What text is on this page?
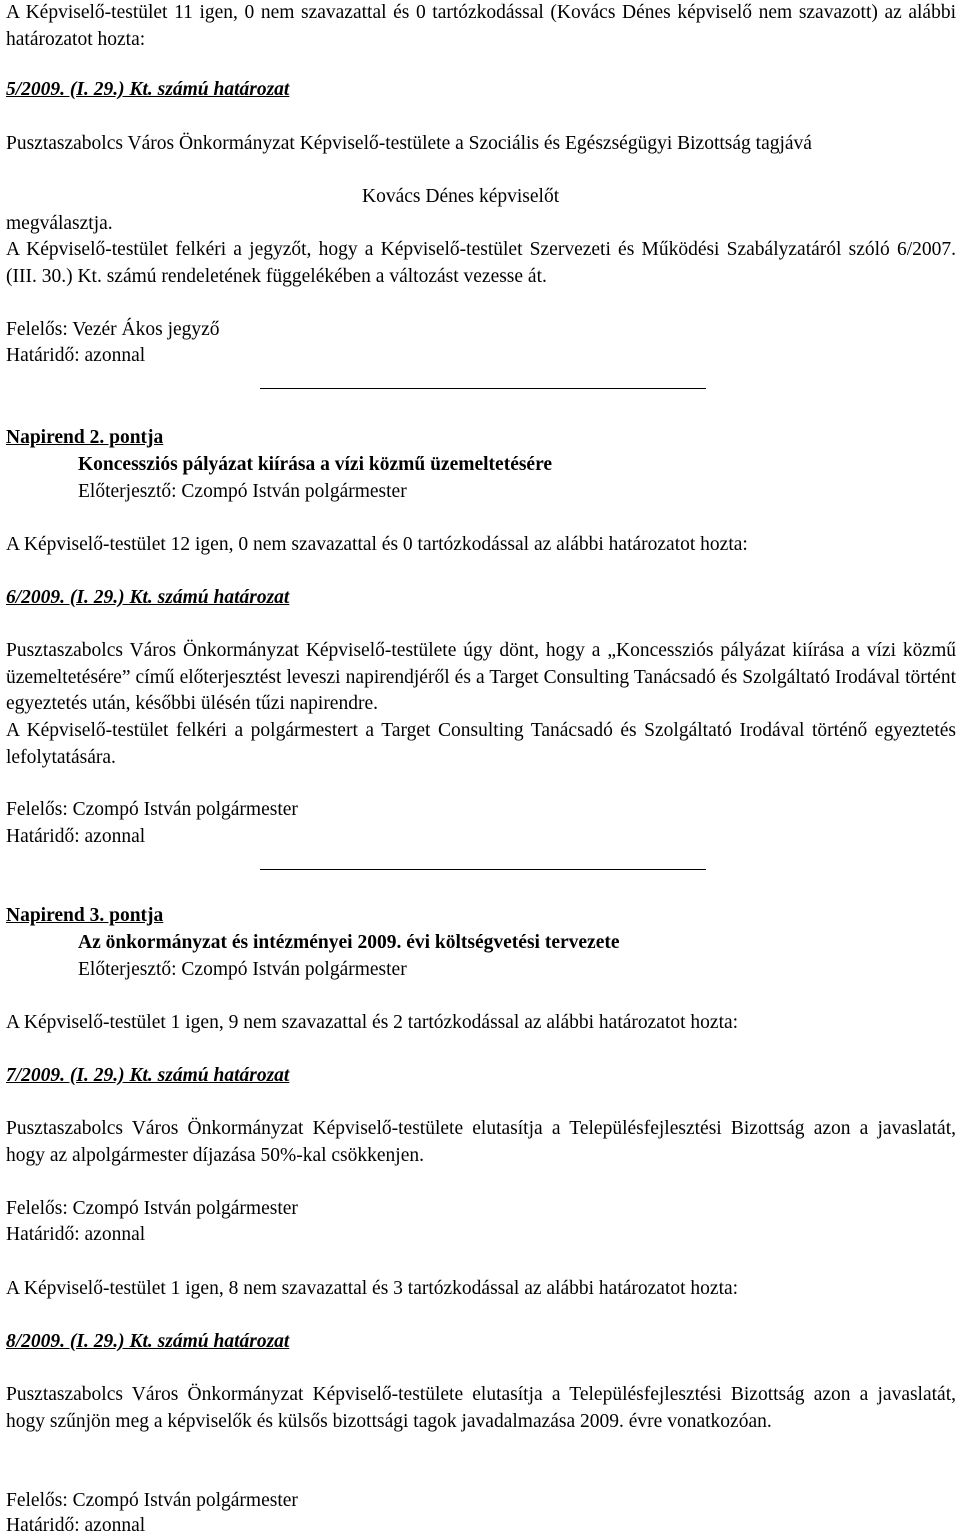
A Képviselő-testület 11 igen, 0 nem szavazattal és 0 tartózkodással (Kovács Dénes képviselő nem szavazott) az alábbi határozatot hozta:

5/2009. (I. 29.) Kt. számú határozat

Pusztaszabolcs Város Önkormányzat Képviselő-testülete a Szociális és Egészségügyi Bizottság tagjává

Kovács Dénes képviselőt

megválasztja.

A Képviselő-testület felkéri a jegyzőt, hogy a Képviselő-testület Szervezeti és Működési Szabályzatáról szóló 6/2007. (III. 30.) Kt. számú rendeletének függelékében a változást vezesse át.

Felelős: Vezér Ákos jegyző

Határidő: azonnal

Napirend 2. pontja

Koncessziós pályázat kiírása a vízi közmű üzemeltetésére

Előterjesztő: Czompó István polgármester

A Képviselő-testület 12 igen, 0 nem szavazattal és 0 tartózkodással az alábbi határozatot hozta:

6/2009. (I. 29.) Kt. számú határozat

Pusztaszabolcs Város Önkormányzat Képviselő-testülete úgy dönt, hogy a „Koncessziós pályázat kiírása a vízi közmű üzemeltetésére” című előterjesztést leveszi napirendjéről és a Target Consulting Tanácsadó és Szolgáltató Irodával történt egyeztetés után, későbbi ülésén tűzi napirendre.

A Képviselő-testület felkéri a polgármestert a Target Consulting Tanácsadó és Szolgáltató Irodával történő egyeztetés lefolytatására.

Felelős: Czompó István polgármester

Határidő: azonnal

Napirend 3. pontja

Az önkormányzat és intézményei 2009. évi költségvetési tervezete

Előterjesztő: Czompó István polgármester

A Képviselő-testület 1 igen, 9 nem szavazattal és 2 tartózkodással az alábbi határozatot hozta:

7/2009. (I. 29.) Kt. számú határozat

Pusztaszabolcs Város Önkormányzat Képviselő-testülete elutasítja a Településfejlesztési Bizottság azon a javaslatát, hogy az alpolgármester díjazása 50%-kal csökkenjen.

Felelős: Czompó István polgármester

Határidő: azonnal

A Képviselő-testület 1 igen, 8 nem szavazattal és 3 tartózkodással az alábbi határozatot hozta:

8/2009. (I. 29.) Kt. számú határozat

Pusztaszabolcs Város Önkormányzat Képviselő-testülete elutasítja a Településfejlesztési Bizottság azon a javaslatát, hogy szűnjön meg a képviselők és külsős bizottsági tagok javadalmazása 2009. évre vonatkozóan.

Felelős: Czompó István polgármester

Határidő: azonnal
